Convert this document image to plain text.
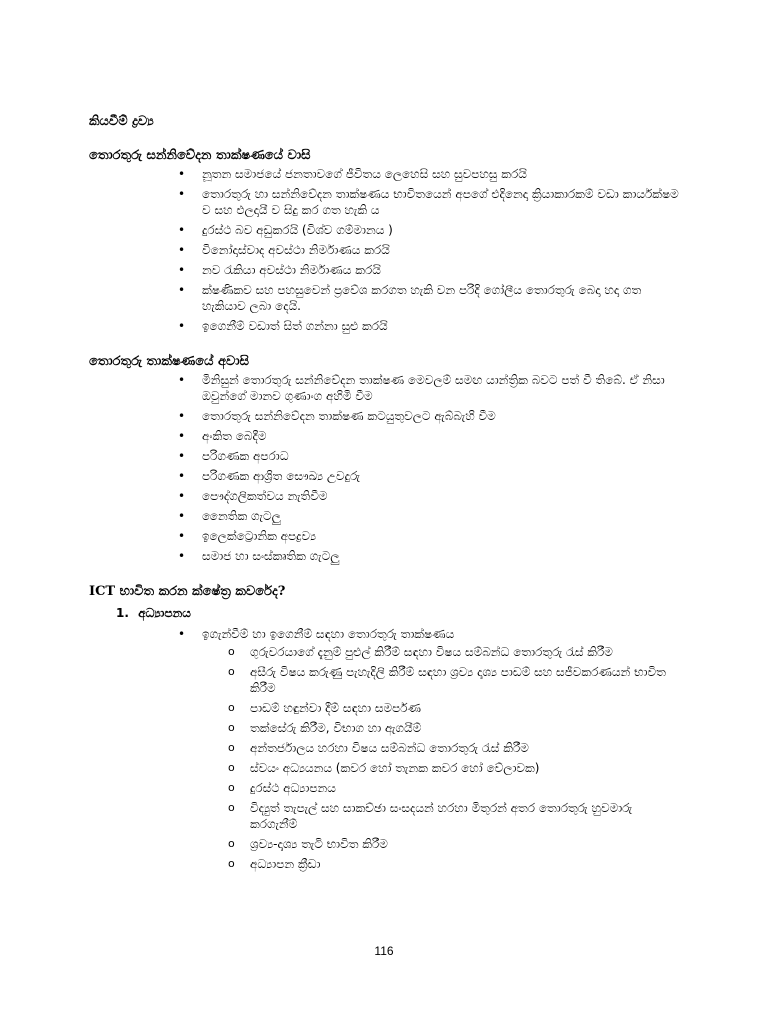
කියවීම් ද්‍රව්‍ය
තොරතුරු සන්නිවේදන තාක්ෂණයේ වාසි
• නූතන සමාජයේ ජනතාවගේ ජීවිතය ලෙහෙසි සහ සුවපහසු කරයි
• තොරතුරු හා සන්නිවේදන තාක්ෂණය භාවිතයෙන් අපගේ එදිනෙදා ක්‍රියාකාරකම් වඩා කාර්යක්ෂම ව සහ ඵලදායී ව සිදු කර ගත හැකි ය
• දුරස්ථ බව අඩුකරයි (විශ්ව ගම්මානය )
• විනෝදාස්වාද අවස්ථා නිර්මාණය කරයි
• නව රැකියා අවස්ථා නිර්මාණය කරයි
• ක්ෂණිකව සහ පහසුවෙන් ප්‍රවේශ කරගත හැකි වන පරිදි ගෝලීය තොරතුරු බෙදා හදා ගත හැකියාව ලබා දෙයි.
• ඉගෙනීම් වඩාත් සිත් ගන්නා සුළු කරයි
තොරතුරු තාක්ෂණයේ අවාසි
• මිනිසුන් තොරතුරු සන්නිවේදන තාක්ෂණ මෙවලම් සමඟ යාන්ත්‍රික බවට පත් වී තිබේ. ඒ නිසා ඔවුන්ගේ මානව ගුණාංග අහිමි වීම
• තොරතුරු සන්නිවේදන තාක්ෂණ කටයුතුවලට ඇබ්බැහි වීම
• අංකිත බෙදීම
• පරිගණක අපරාධ
• පරිගණක ආශ්‍රිත සෞඛ්‍ය උවදුරු
• පෞද්ගලිකත්වය නැතිවීම
• නෛතික ගැටලු
• ඉලෙක්ට්‍රොනික අපද්‍රව්‍ය
• සමාජ හා සංස්කෘතික ගැටලු
ICT භාවිත කරන ක්ෂේත්‍ර කවරේද?
1. අධ්‍යාපනය
• ඉගැන්වීම් හා ඉගෙනීම් සඳහා තොරතුරු තාක්ෂණය
o ගුරුවරයාගේ දැනුම් පුළුල් කිරීම් සඳහා විෂය සම්බන්ධ තොරතුරු රැස් කිරීම
o අසීරු විෂය කරුණු පැහැදිලි කිරීම් සඳහා ශ්‍රව්‍ය දෘශ්‍ය පාඩම් සහ සජීවකරණයන් භාවිත කිරීම
o පාඩම් හඳුන්වා දීම් සඳහා සමර්පණ
o තක්සේරු කිරීම, විභාග හා ඇගයීම්
o අන්තර්ජාලය හරහා විෂය සම්බන්ධ තොරතුරු රැස් කිරීම
o ස්වයං අධ්‍යයනය (කවර හෝ තැනක කවර හෝ වේලාවක)
o දුරස්ථ අධ්‍යාපනය
o විද්‍යුත් තැපැල් සහ සාකච්ඡා සංසදයන් හරහා මිතුරන් අතර තොරතුරු හුවමාරු කරගැනීම්
o ශ්‍රව්‍ය-දෘශ්‍ය තැටි භාවිත කිරීම
o අධ්‍යාපන ක්‍රීඩා
116
